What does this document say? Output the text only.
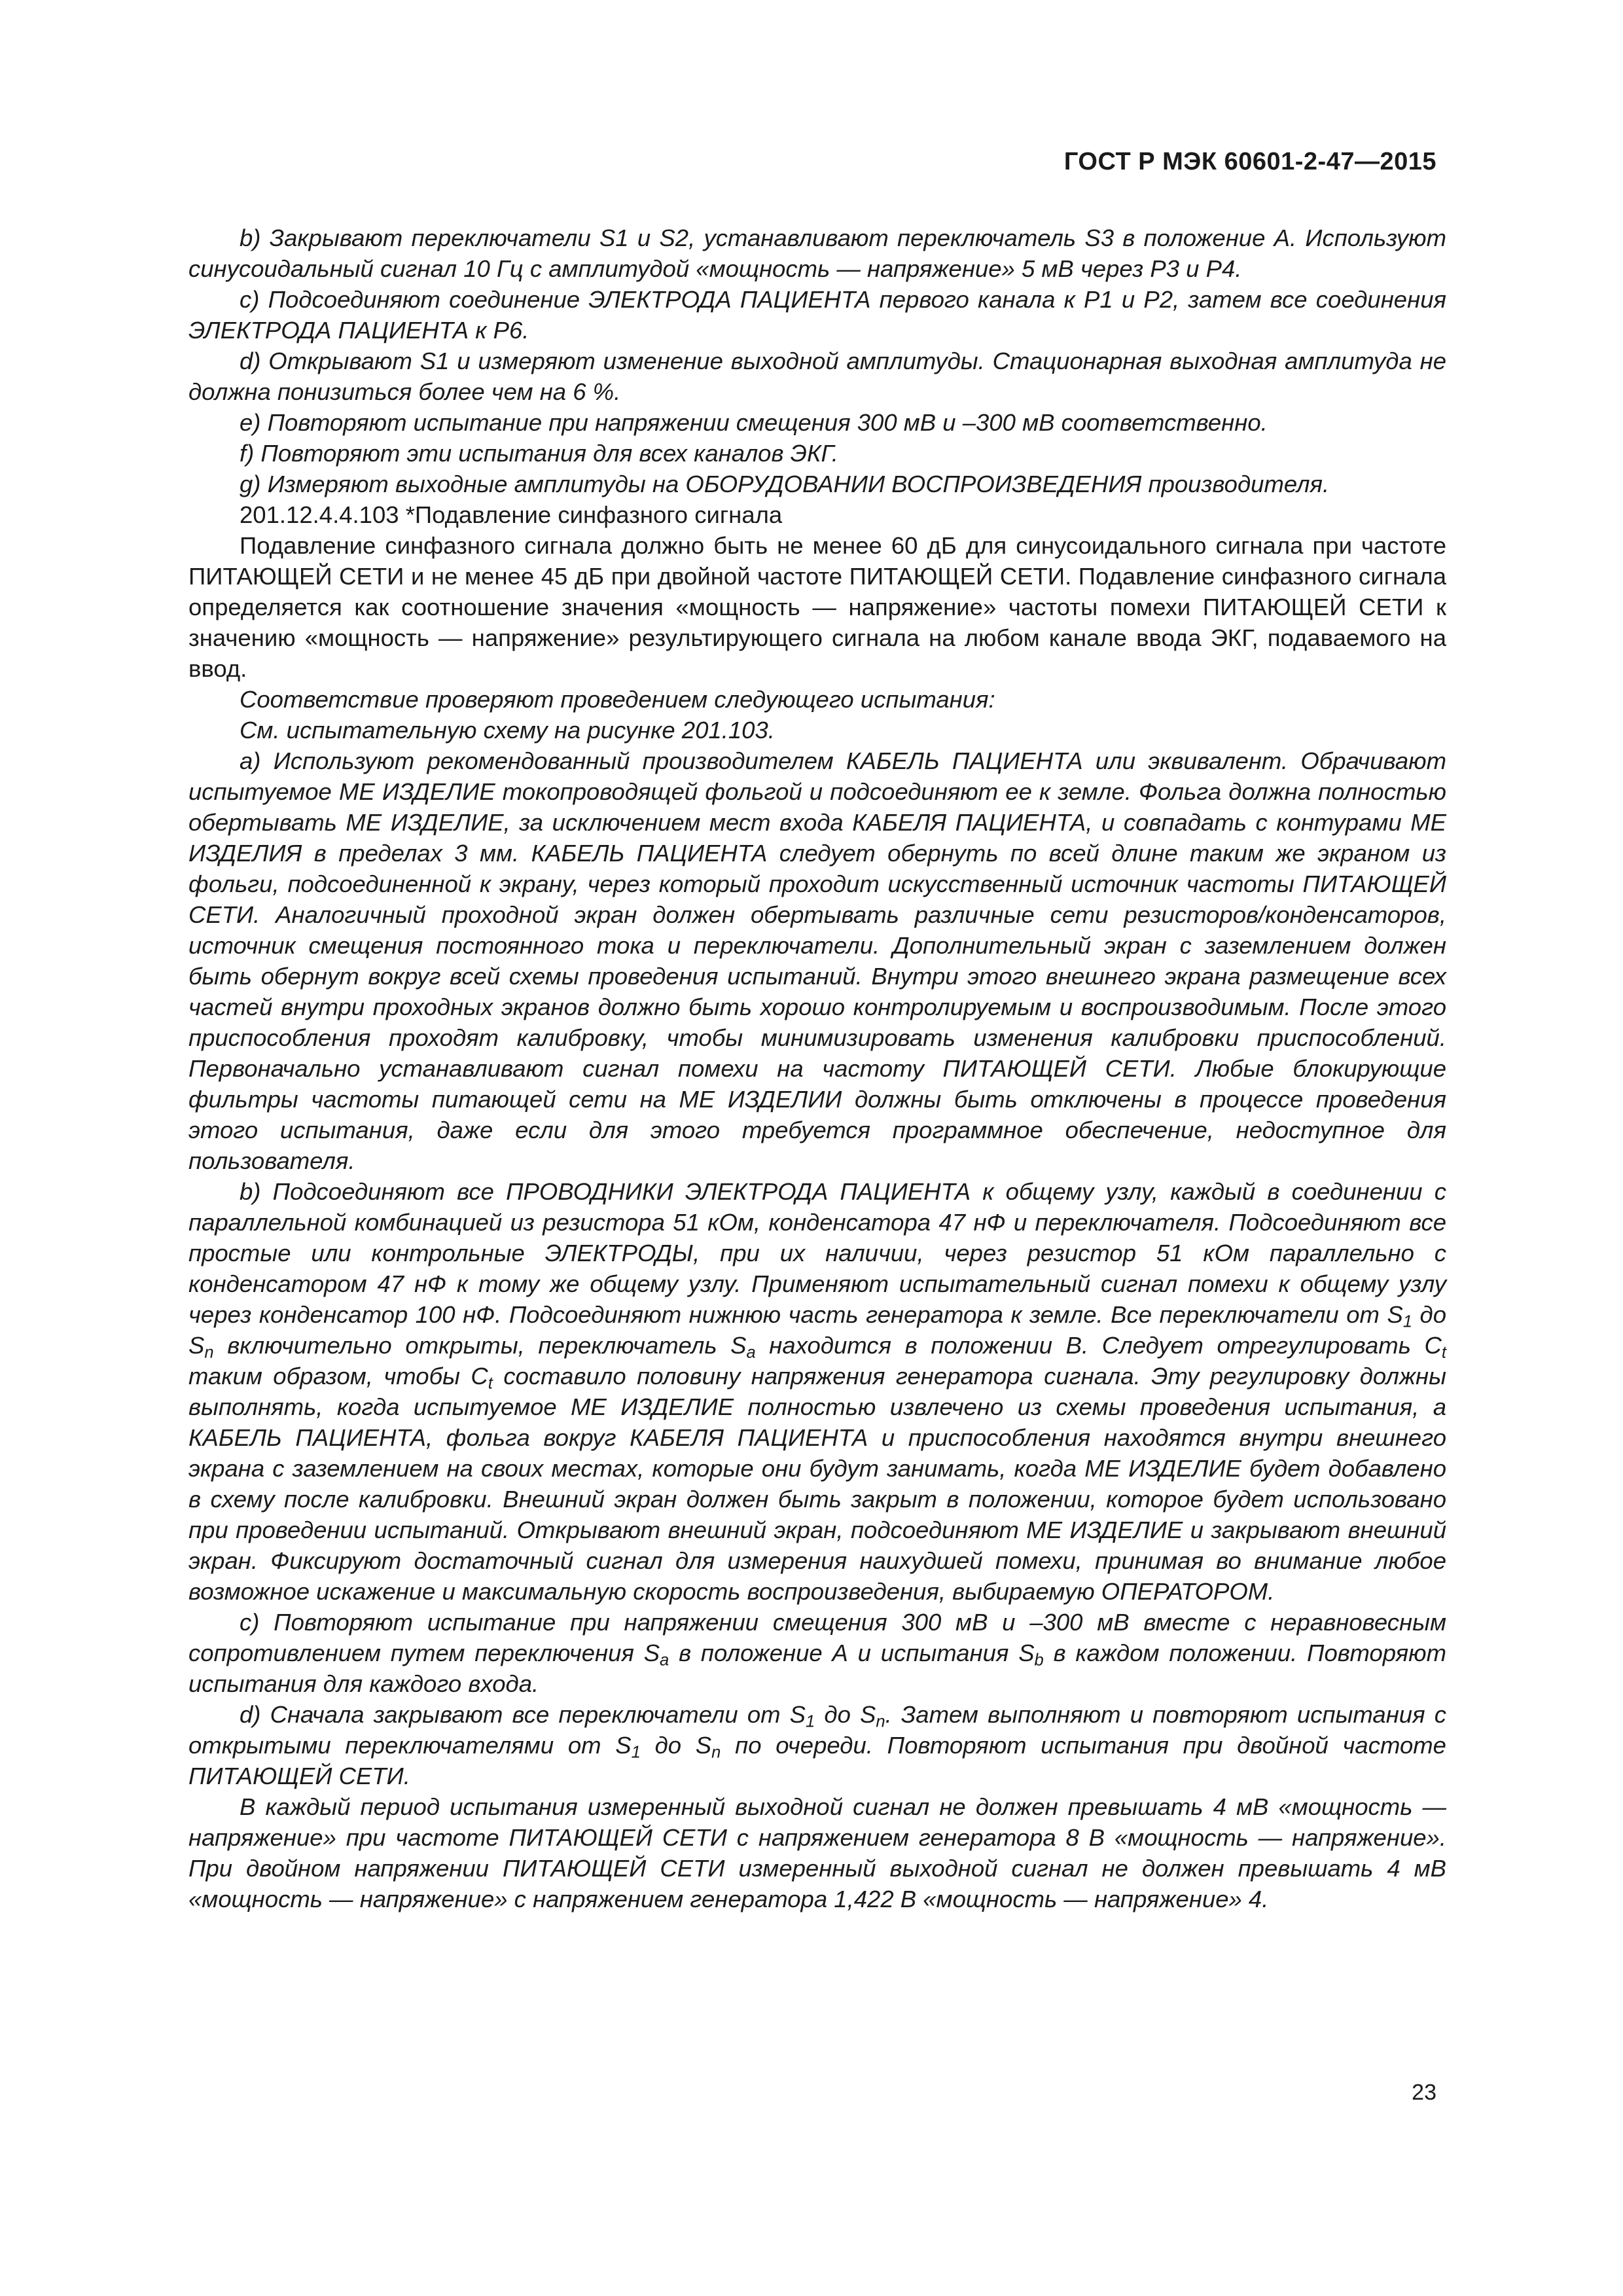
ГОСТ Р МЭК 60601-2-47—2015

b) Закрывают переключатели S1 и S2, устанавливают переключатель S3 в положение А. Используют синусоидальный сигнал 10 Гц с амплитудой «мощность — напряжение» 5 мВ через Р3 и Р4.

c) Подсоединяют соединение ЭЛЕКТРОДА ПАЦИЕНТА первого канала к Р1 и Р2, затем все соединения ЭЛЕКТРОДА ПАЦИЕНТА к Р6.

d) Открывают S1 и измеряют изменение выходной амплитуды. Стационарная выходная амплитуда не должна понизиться более чем на 6 %.

e) Повторяют испытание при напряжении смещения 300 мВ и –300 мВ соответственно.

f) Повторяют эти испытания для всех каналов ЭКГ.

g) Измеряют выходные амплитуды на ОБОРУДОВАНИИ ВОСПРОИЗВЕДЕНИЯ производителя.

201.12.4.4.103 *Подавление синфазного сигнала

Подавление синфазного сигнала должно быть не менее 60 дБ для синусоидального сигнала при частоте ПИТАЮЩЕЙ СЕТИ и не менее 45 дБ при двойной частоте ПИТАЮЩЕЙ СЕТИ. Подавление синфазного сигнала определяется как соотношение значения «мощность — напряжение» частоты помехи ПИТАЮЩЕЙ СЕТИ к значению «мощность — напряжение» результирующего сигнала на любом канале ввода ЭКГ, подаваемого на ввод.

Соответствие проверяют проведением следующего испытания:

См. испытательную схему на рисунке 201.103.

a) Используют рекомендованный производителем КАБЕЛЬ ПАЦИЕНТА или эквивалент. Обрачивают испытуемое МЕ ИЗДЕЛИЕ токопроводящей фольгой и подсоединяют ее к земле. Фольга должна полностью обертывать МЕ ИЗДЕЛИЕ, за исключением мест входа КАБЕЛЯ ПАЦИЕНТА, и совпадать с контурами МЕ ИЗДЕЛИЯ в пределах 3 мм. КАБЕЛЬ ПАЦИЕНТА следует обернуть по всей длине таким же экраном из фольги, подсоединенной к экрану, через который проходит искусственный источник частоты ПИТАЮЩЕЙ СЕТИ. Аналогичный проходной экран должен обертывать различные сети резисторов/конденсаторов, источник смещения постоянного тока и переключатели. Дополнительный экран с заземлением должен быть обернут вокруг всей схемы проведения испытаний. Внутри этого внешнего экрана размещение всех частей внутри проходных экранов должно быть хорошо контролируемым и воспроизводимым. После этого приспособления проходят калибровку, чтобы минимизировать изменения калибровки приспособлений. Первоначально устанавливают сигнал помехи на частоту ПИТАЮЩЕЙ СЕТИ. Любые блокирующие фильтры частоты питающей сети на МЕ ИЗДЕЛИИ должны быть отключены в процессе проведения этого испытания, даже если для этого требуется программное обеспечение, недоступное для пользователя.

b) Подсоединяют все ПРОВОДНИКИ ЭЛЕКТРОДА ПАЦИЕНТА к общему узлу, каждый в соединении с параллельной комбинацией из резистора 51 кОм, конденсатора 47 нФ и переключателя. Подсоединяют все простые или контрольные ЭЛЕКТРОДЫ, при их наличии, через резистор 51 кОм параллельно с конденсатором 47 нФ к тому же общему узлу. Применяют испытательный сигнал помехи к общему узлу через конденсатор 100 нФ. Подсоединяют нижнюю часть генератора к земле. Все переключатели от $S_1$ до $S_n$ включительно открыты, переключатель $S_a$ находится в положении В. Следует отрегулировать $С_t$ таким образом, чтобы $С_t$ составило половину напряжения генератора сигнала. Эту регулировку должны выполнять, когда испытуемое МЕ ИЗДЕЛИЕ полностью извлечено из схемы проведения испытания, а КАБЕЛЬ ПАЦИЕНТА, фольга вокруг КАБЕЛЯ ПАЦИЕНТА и приспособления находятся внутри внешнего экрана с заземлением на своих местах, которые они будут занимать, когда МЕ ИЗДЕЛИЕ будет добавлено в схему после калибровки. Внешний экран должен быть закрыт в положении, которое будет использовано при проведении испытаний. Открывают внешний экран, подсоединяют МЕ ИЗДЕЛИЕ и закрывают внешний экран. Фиксируют достаточный сигнал для измерения наихудшей помехи, принимая во внимание любое возможное искажение и максимальную скорость воспроизведения, выбираемую ОПЕРАТОРОМ.

c) Повторяют испытание при напряжении смещения 300 мВ и –300 мВ вместе с неравновесным сопротивлением путем переключения $S_a$ в положение А и испытания $S_b$ в каждом положении. Повторяют испытания для каждого входа.

d) Сначала закрывают все переключатели от $S_1$ до $S_n$. Затем выполняют и повторяют испытания с открытыми переключателями от $S_1$ до $S_n$ по очереди. Повторяют испытания при двойной частоте ПИТАЮЩЕЙ СЕТИ.

В каждый период испытания измеренный выходной сигнал не должен превышать 4 мВ «мощность — напряжение» при частоте ПИТАЮЩЕЙ СЕТИ с напряжением генератора 8 В «мощность — напряжение». При двойном напряжении ПИТАЮЩЕЙ СЕТИ измеренный выходной сигнал не должен превышать 4 мВ «мощность — напряжение» с напряжением генератора 1,422 В «мощность — напряжение» 4.

23
